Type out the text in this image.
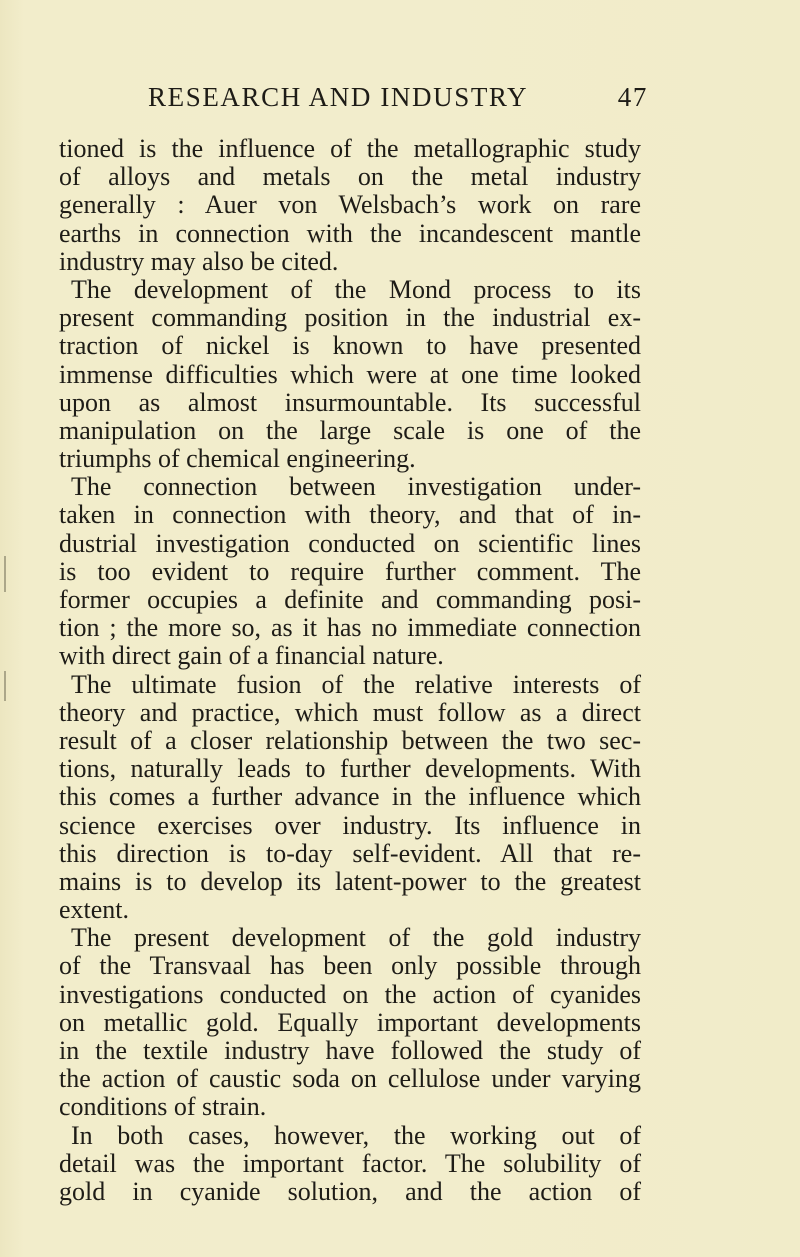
RESEARCH AND INDUSTRY	47
tioned is the influence of the metallographic study
of alloys and metals on the metal industry
generally : Auer von Welsbach’s work on rare
earths in connection with the incandescent mantle
industry may also be cited.
The development of the Mond process to its
present commanding position in the industrial ex-
traction of nickel is known to have presented
immense difficulties which were at one time looked
upon as almost insurmountable. Its successful
manipulation on the large scale is one of the
triumphs of chemical engineering.
The connection between investigation under-
taken in connection with theory, and that of in-
dustrial investigation conducted on scientific lines
is too evident to require further comment. The
former occupies a definite and commanding posi-
tion ; the more so, as it has no immediate connection
with direct gain of a financial nature.
The ultimate fusion of the relative interests of
theory and practice, which must follow as a direct
result of a closer relationship between the two sec-
tions, naturally leads to further developments. With
this comes a further advance in the influence which
science exercises over industry. Its influence in
this direction is to-day self-evident. All that re-
mains is to develop its latent-power to the greatest
extent.
The present development of the gold industry
of the Transvaal has been only possible through
investigations conducted on the action of cyanides
on metallic gold. Equally important developments
in the textile industry have followed the study of
the action of caustic soda on cellulose under varying
conditions of strain.
In both cases, however, the working out of
detail was the important factor. The solubility of
gold in cyanide solution, and the action of
